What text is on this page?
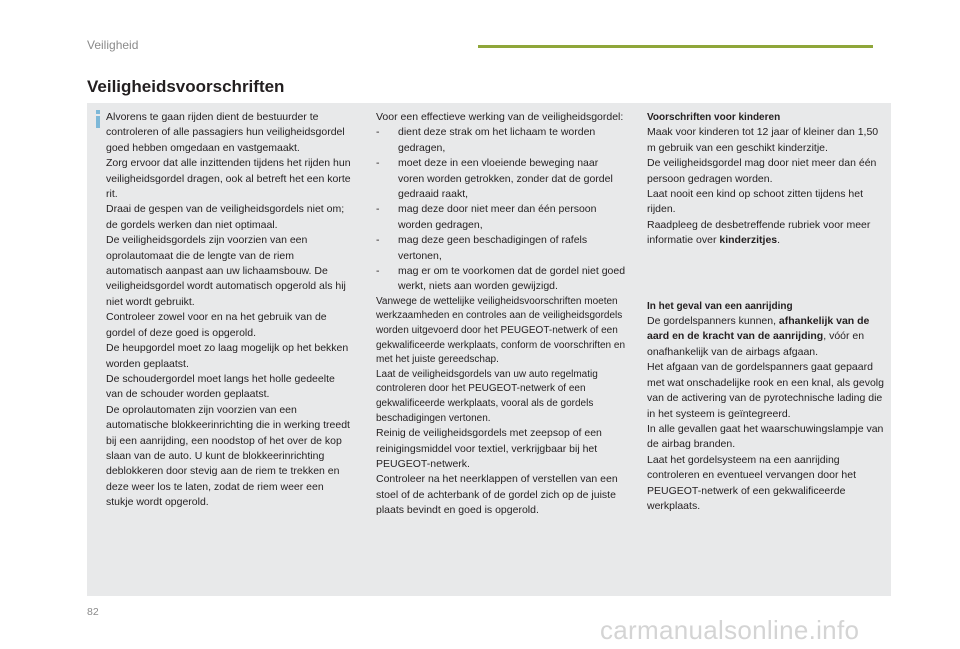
Veiligheid
Veiligheidsvoorschriften

Alvorens te gaan rijden dient de bestuurder te controleren of alle passagiers hun veiligheidsgordel goed hebben omgedaan en vastgemaakt.

Zorg ervoor dat alle inzittenden tijdens het rijden hun veiligheidsgordel dragen, ook al betreft het een korte rit.

Draai de gespen van de veiligheidsgordels niet om; de gordels werken dan niet optimaal.

De veiligheidsgordels zijn voorzien van een oprolautomaat die de lengte van de riem automatisch aanpast aan uw lichaamsbouw. De veiligheidsgordel wordt automatisch opgerold als hij niet wordt gebruikt.

Controleer zowel voor en na het gebruik van de gordel of deze goed is opgerold.

De heupgordel moet zo laag mogelijk op het bekken worden geplaatst.

De schoudergordel moet langs het holle gedeelte van de schouder worden geplaatst.

De oprolautomaten zijn voorzien van een automatische blokkeerinrichting die in werking treedt bij een aanrijding, een noodstop of het over de kop slaan van de auto. U kunt de blokkeerinrichting deblokkeren door stevig aan de riem te trekken en deze weer los te laten, zodat de riem weer een stukje wordt opgerold.

Voor een effectieve werking van de veiligheidsgordel:

- dient deze strak om het lichaam te worden gedragen,
- moet deze in een vloeiende beweging naar voren worden getrokken, zonder dat de gordel gedraaid raakt,
- mag deze door niet meer dan één persoon worden gedragen,
- mag deze geen beschadigingen of rafels vertonen,
- mag er om te voorkomen dat de gordel niet goed werkt, niets aan worden gewijzigd.

Vanwege de wettelijke veiligheidsvoorschriften moeten werkzaamheden en controles aan de veiligheidsgordels worden uitgevoerd door het PEUGEOT-netwerk of een gekwalificeerde werkplaats, conform de voorschriften en met het juiste gereedschap.

Laat de veiligheidsgordels van uw auto regelmatig controleren door het PEUGEOT-netwerk of een gekwalificeerde werkplaats, vooral als de gordels beschadigingen vertonen.

Reinig de veiligheidsgordels met zeepsop of een reinigingsmiddel voor textiel, verkrijgbaar bij het PEUGEOT-netwerk.

Controleer na het neerklappen of verstellen van een stoel of de achterbank of de gordel zich op de juiste plaats bevindt en goed is opgerold.

Voorschriften voor kinderen

Maak voor kinderen tot 12 jaar of kleiner dan 1,50 m gebruik van een geschikt kinderzitje.

De veiligheidsgordel mag door niet meer dan één persoon gedragen worden.

Laat nooit een kind op schoot zitten tijdens het rijden.

Raadpleeg de desbetreffende rubriek voor meer informatie over kinderzitjes.

In het geval van een aanrijding

De gordelspanners kunnen, afhankelijk van de aard en de kracht van de aanrijding, vóór en onafhankelijk van de airbags afgaan.

Het afgaan van de gordelspanners gaat gepaard met wat onschadelijke rook en een knal, als gevolg van de activering van de pyrotechnische lading die in het systeem is geïntegreerd.

In alle gevallen gaat het waarschuwingslampje van de airbag branden.

Laat het gordelsysteem na een aanrijding controleren en eventueel vervangen door het PEUGEOT-netwerk of een gekwalificeerde werkplaats.

82
carmanualsonline.info
